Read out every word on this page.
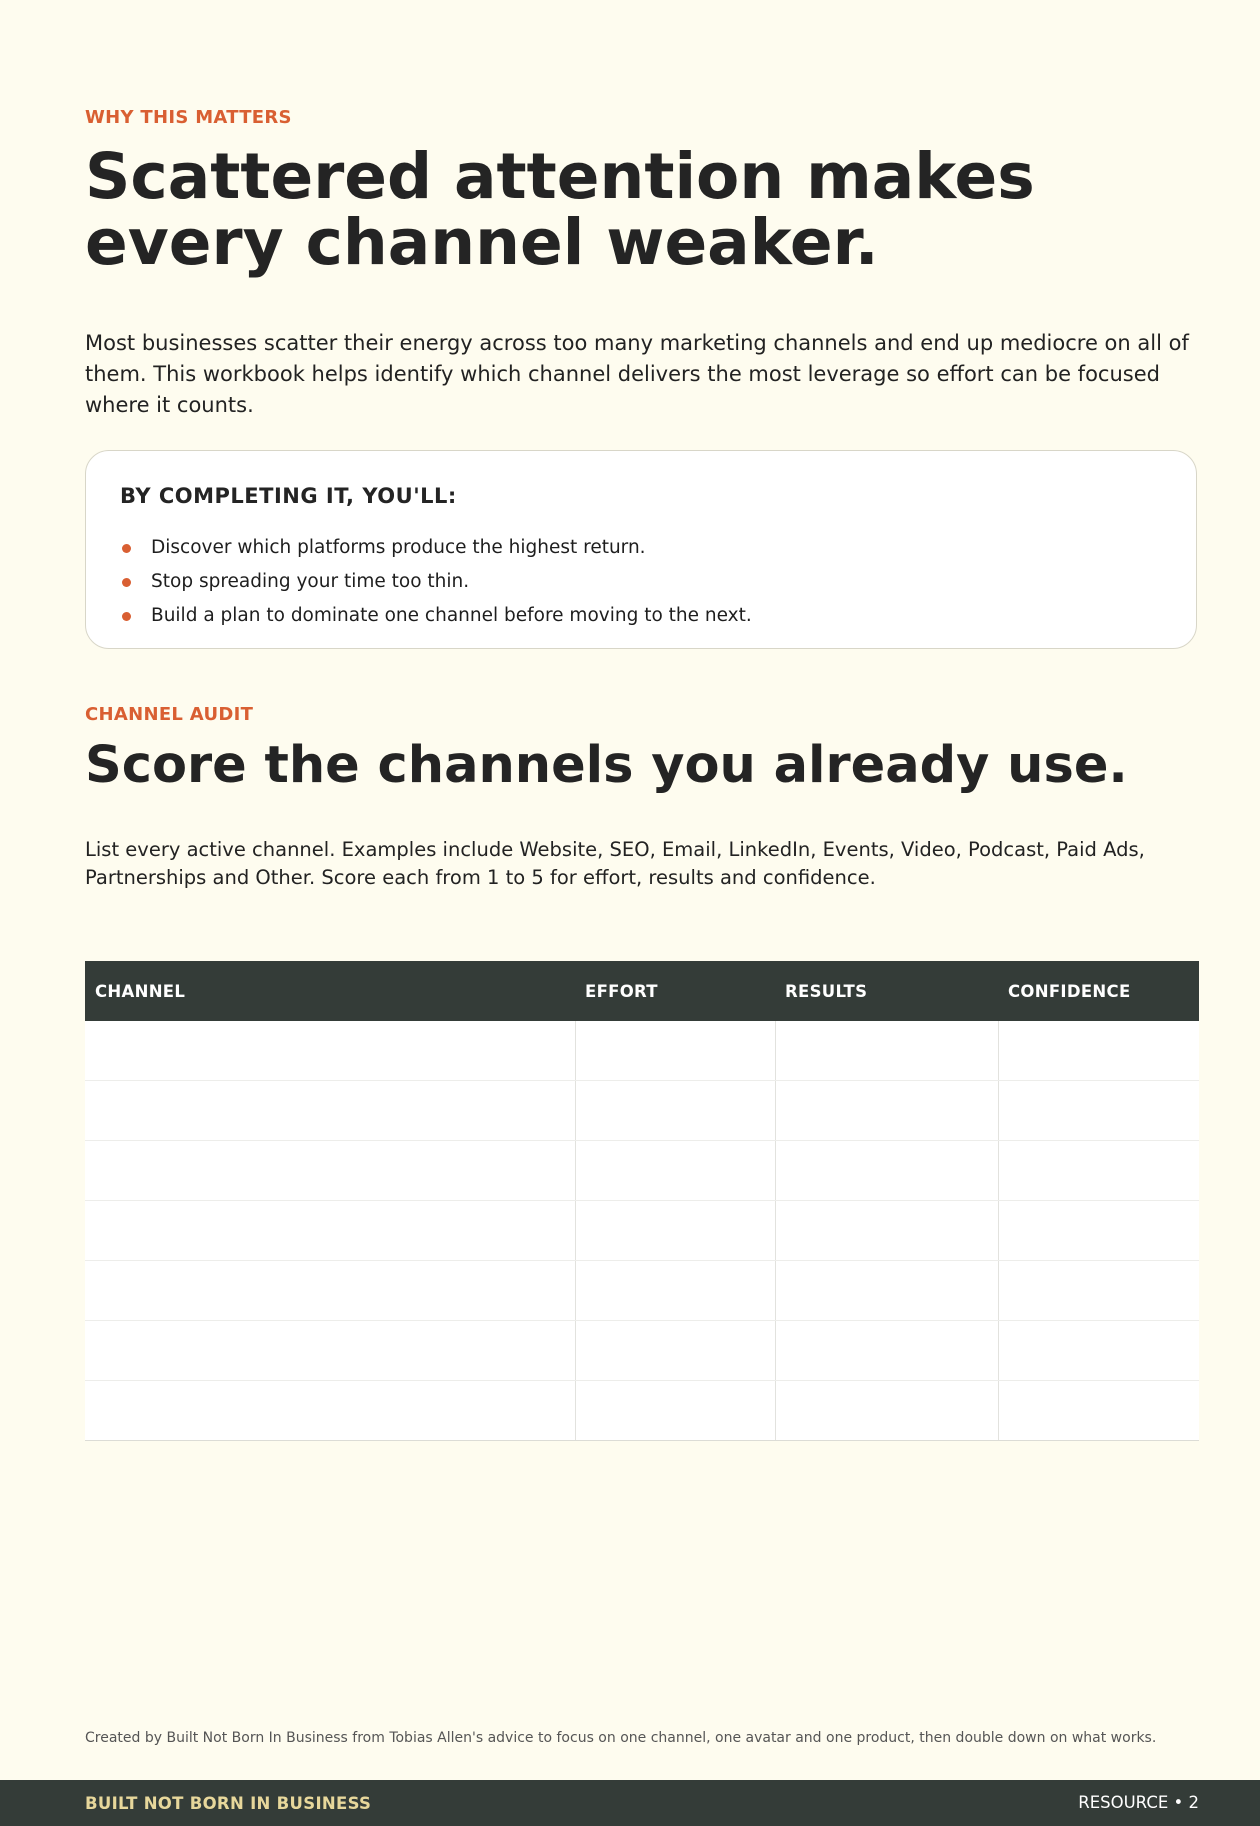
WHY THIS MATTERS
Scattered attention makes
every channel weaker.

Most businesses scatter their energy across too many marketing channels and end up mediocre on all of them. This workbook helps identify which channel delivers the most leverage so effort can be focused where it counts.

BY COMPLETING IT, YOU'LL:
Discover which platforms produce the highest return.
Stop spreading your time too thin.
Build a plan to dominate one channel before moving to the next.
CHANNEL AUDIT
Score the channels you already use.

List every active channel. Examples include Website, SEO, Email, LinkedIn, Events, Video, Podcast, Paid Ads, Partnerships and Other. Score each from 1 to 5 for effort, results and confidence.

CHANNEL	EFFORT	RESULTS	CONFIDENCE

Created by Built Not Born In Business from Tobias Allen's advice to focus on one channel, one avatar and one product, then double down on what works.
BUILT NOT BORN IN BUSINESS	RESOURCE • 2
